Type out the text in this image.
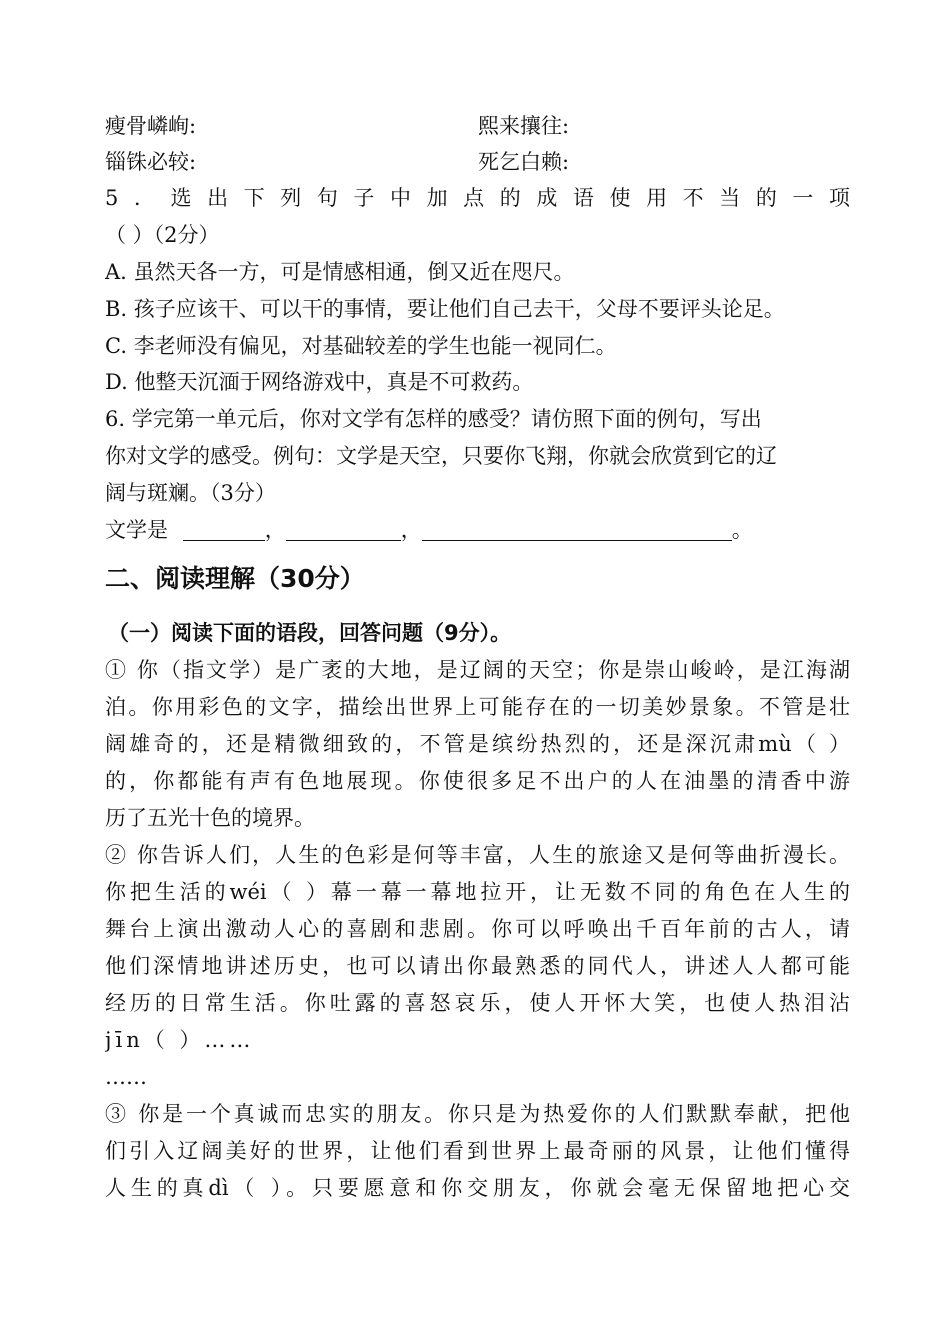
瘦骨嶙峋:	熙来攘往:
锱铢必较:	死乞白赖:
5．选出下列句子中加点的成语使用不当的一项
（ ）（2分）
A. 虽然天各一方，可是情感相通，倒又近在咫尺。
B. 孩子应该干、可以干的事情，要让他们自己去干，父母不要评头论足。
C. 李老师没有偏见，对基础较差的学生也能一视同仁。
D. 他整天沉湎于网络游戏中，真是不可救药。
6. 学完第一单元后，你对文学有怎样的感受？请仿照下面的例句，写出
你对文学的感受。例句：文学是天空，只要你飞翔，你就会欣赏到它的辽
阔与斑斓。（3分）
文学是	，	，	。
二、阅读理解（30分）
（一）阅读下面的语段，回答问题（9分）。
① 你（指文学）是广袤的大地，是辽阔的天空；你是崇山峻岭，是江海湖
泊。你用彩色的文字，描绘出世界上可能存在的一切美妙景象。不管是壮
阔雄奇的，还是精微细致的，不管是缤纷热烈的，还是深沉肃mù（ ）
的，你都能有声有色地展现。你使很多足不出户的人在油墨的清香中游
历了五光十色的境界。
② 你告诉人们，人生的色彩是何等丰富，人生的旅途又是何等曲折漫长。
你把生活的wéi（ ）幕一幕一幕地拉开，让无数不同的角色在人生的
舞台上演出激动人心的喜剧和悲剧。你可以呼唤出千百年前的古人，请
他们深情地讲述历史，也可以请出你最熟悉的同代人，讲述人人都可能
经历的日常生活。你吐露的喜怒哀乐，使人开怀大笑，也使人热泪沾
jīn（ ）……
……
③ 你是一个真诚而忠实的朋友。你只是为热爱你的人们默默奉献，把他
们引入辽阔美好的世界，让他们看到世界上最奇丽的风景，让他们懂得
人生的真dì（ ）。只要愿意和你交朋友，你就会毫无保留地把心交
